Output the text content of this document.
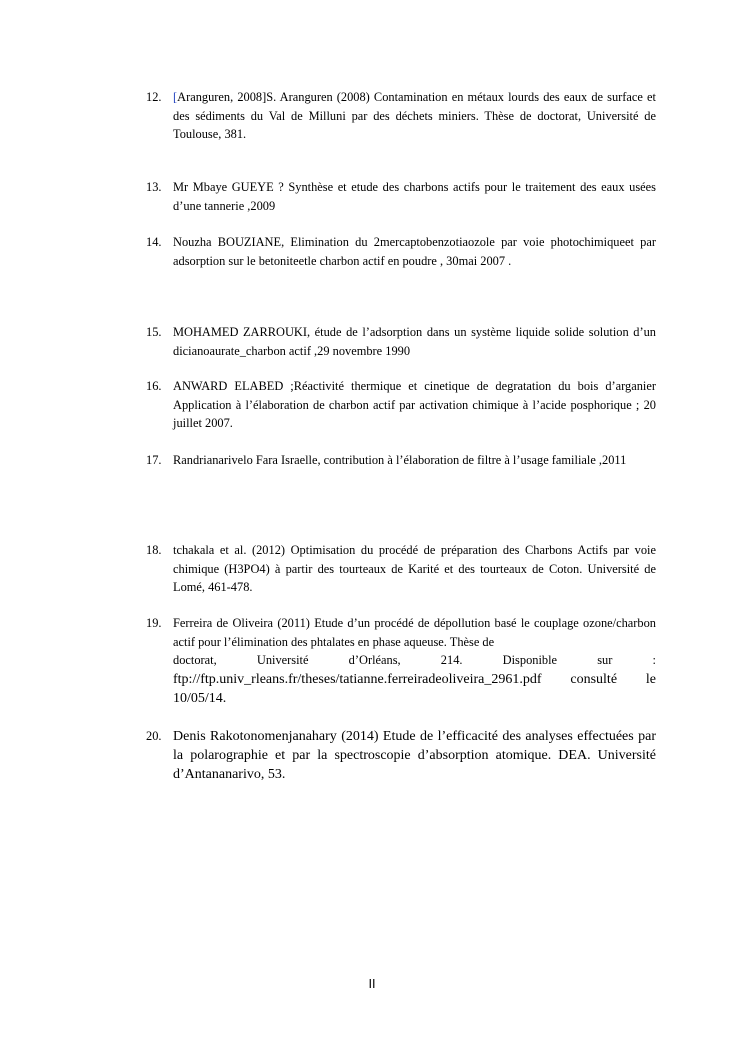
12. [Aranguren, 2008]S. Aranguren (2008) Contamination en métaux lourds des eaux de surface et des sédiments du Val de Milluni par des déchets miniers. Thèse de doctorat, Université de Toulouse, 381.
13. Mr Mbaye GUEYE ? Synthèse et etude des charbons actifs pour le traitement des eaux usées d’une tannerie ,2009
14. Nouzha BOUZIANE, Elimination du 2mercaptobenzotiaozole par voie photochimiqueet par adsorption sur le betoniteetle charbon actif en poudre , 30mai 2007 .
15. MOHAMED ZARROUKI, étude de l’adsorption dans un système liquide solide solution d’un dicianoaurate_charbon actif ,29 novembre 1990
16. ANWARD ELABED ;Réactivité thermique et cinetique de degratation du bois d’arganier Application à l’élaboration de charbon actif par activation chimique à l’acide posphorique ; 20 juillet 2007.
17. Randrianarivelo Fara Israelle, contribution à l’élaboration de filtre à l’usage familiale ,2011
18. tchakala et al. (2012) Optimisation du procédé de préparation des Charbons Actifs par voie chimique (H3PO4) à partir des tourteaux de Karité et des tourteaux de Coton. Université de Lomé, 461-478.
19. Ferreira de Oliveira (2011) Etude d’un procédé de dépollution basé le couplage ozone/charbon actif pour l’élimination des phtalates en phase aqueuse. Thèse de
doctorat, Université d’Orléans, 214. Disponible sur :
ftp://ftp.univ_rleans.fr/theses/tatianne.ferreiradeoliveira_2961.pdf consulté le 10/05/14.
20. Denis Rakotonomenjanahary (2014) Etude de l’efficacité des analyses effectuées par la polarographie et par la spectroscopie d’absorption atomique. DEA. Université d’Antananarivo, 53.
II
